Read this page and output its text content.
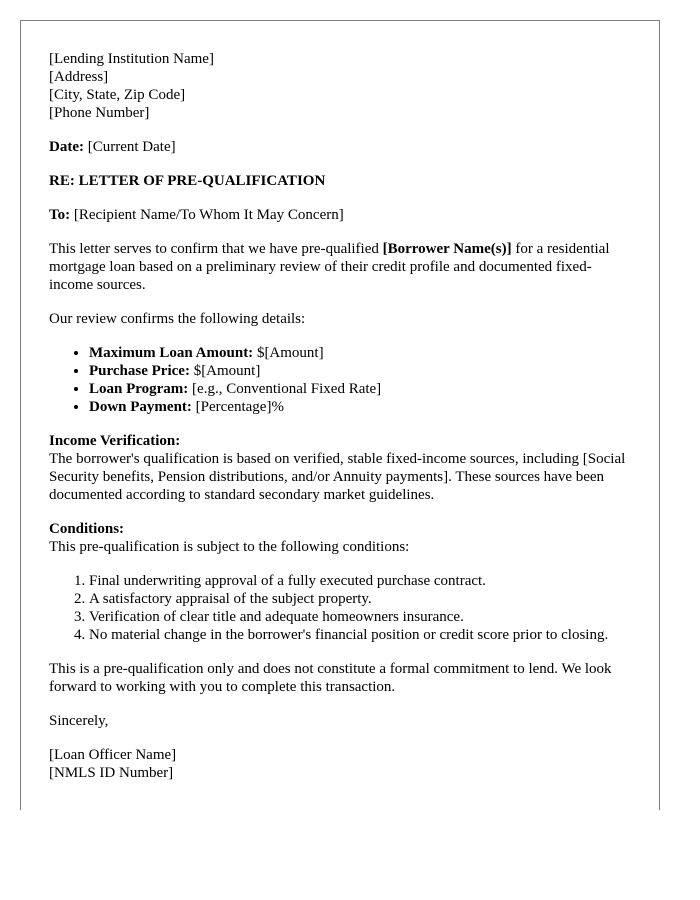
[Lending Institution Name]
[Address]
[City, State, Zip Code]
[Phone Number]
Date: [Current Date]
RE: LETTER OF PRE-QUALIFICATION
To: [Recipient Name/To Whom It May Concern]
This letter serves to confirm that we have pre-qualified [Borrower Name(s)] for a residential mortgage loan based on a preliminary review of their credit profile and documented fixed-income sources.
Our review confirms the following details:
• Maximum Loan Amount: $[Amount]
• Purchase Price: $[Amount]
• Loan Program: [e.g., Conventional Fixed Rate]
• Down Payment: [Percentage]%
Income Verification:
The borrower's qualification is based on verified, stable fixed-income sources, including [Social Security benefits, Pension distributions, and/or Annuity payments]. These sources have been documented according to standard secondary market guidelines.
Conditions:
This pre-qualification is subject to the following conditions:
1. Final underwriting approval of a fully executed purchase contract.
2. A satisfactory appraisal of the subject property.
3. Verification of clear title and adequate homeowners insurance.
4. No material change in the borrower's financial position or credit score prior to closing.
This is a pre-qualification only and does not constitute a formal commitment to lend. We look forward to working with you to complete this transaction.
Sincerely,
[Loan Officer Name]
[NMLS ID Number]
